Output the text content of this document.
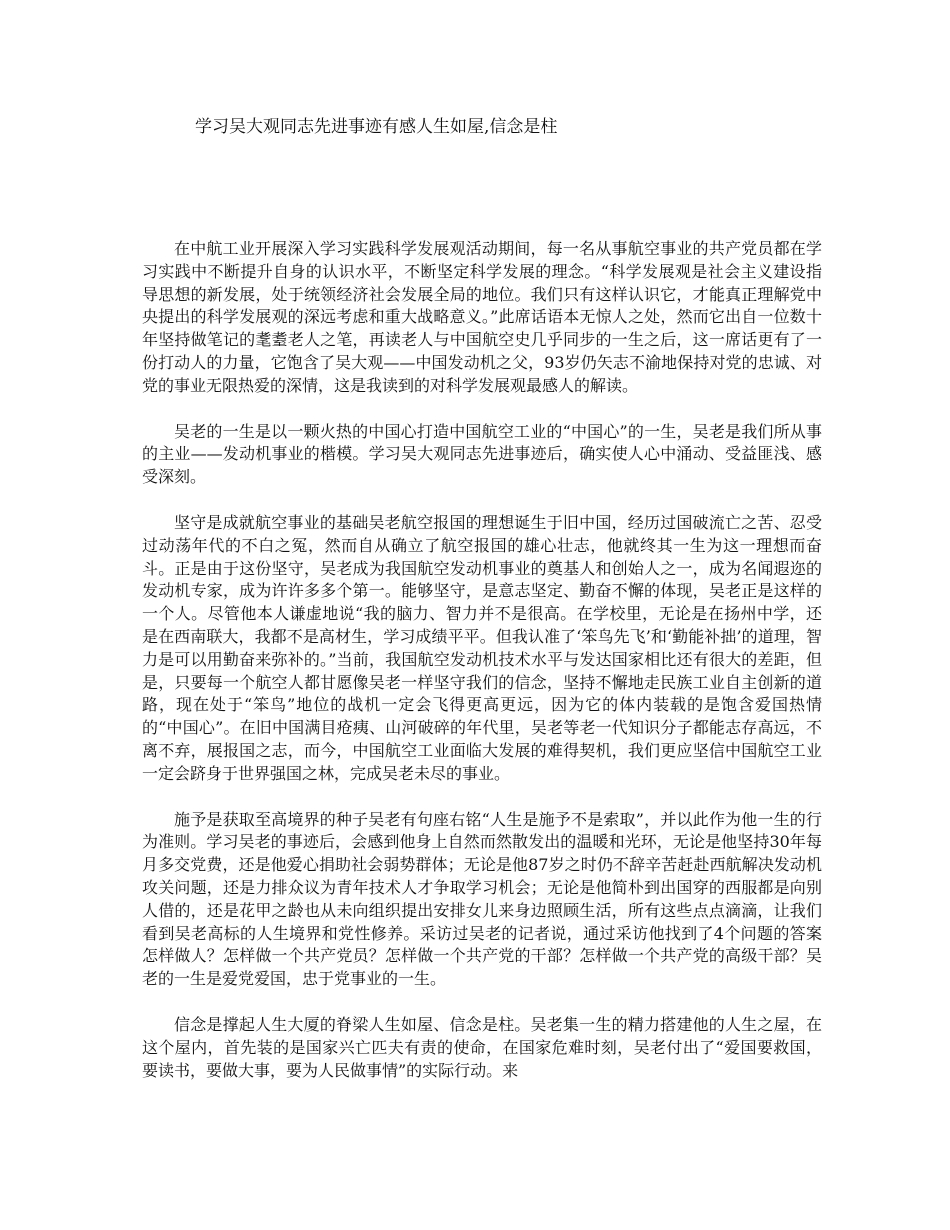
学习吴大观同志先进事迹有感人生如屋,信念是柱

在中航工业开展深入学习实践科学发展观活动期间，每一名从事航空事业的共产党员都在学习实践中不断提升自身的认识水平，不断坚定科学发展的理念。“科学发展观是社会主义建设指导思想的新发展，处于统领经济社会发展全局的地位。我们只有这样认识它，才能真正理解党中央提出的科学发展观的深远考虑和重大战略意义。”此席话语本无惊人之处，然而它出自一位数十年坚持做笔记的耄耋老人之笔，再读老人与中国航空史几乎同步的一生之后，这一席话更有了一份打动人的力量，它饱含了吴大观——中国发动机之父，93岁仍矢志不渝地保持对党的忠诚、对党的事业无限热爱的深情，这是我读到的对科学发展观最感人的解读。

吴老的一生是以一颗火热的中国心打造中国航空工业的“中国心”的一生，吴老是我们所从事的主业——发动机事业的楷模。学习吴大观同志先进事迹后，确实使人心中涌动、受益匪浅、感受深刻。

坚守是成就航空事业的基础吴老航空报国的理想诞生于旧中国，经历过国破流亡之苦、忍受过动荡年代的不白之冤，然而自从确立了航空报国的雄心壮志，他就终其一生为这一理想而奋斗。正是由于这份坚守，吴老成为我国航空发动机事业的奠基人和创始人之一，成为名闻遐迩的发动机专家，成为许许多多个第一。能够坚守，是意志坚定、勤奋不懈的体现，吴老正是这样的一个人。尽管他本人谦虚地说“我的脑力、智力并不是很高。在学校里，无论是在扬州中学，还是在西南联大，我都不是高材生，学习成绩平平。但我认准了‘笨鸟先飞’和‘勤能补拙’的道理，智力是可以用勤奋来弥补的。”当前，我国航空发动机技术水平与发达国家相比还有很大的差距，但是，只要每一个航空人都甘愿像吴老一样坚守我们的信念，坚持不懈地走民族工业自主创新的道路，现在处于“笨鸟”地位的战机一定会飞得更高更远，因为它的体内装载的是饱含爱国热情的“中国心”。在旧中国满目疮痍、山河破碎的年代里，吴老等老一代知识分子都能志存高远，不离不弃，展报国之志，而今，中国航空工业面临大发展的难得契机，我们更应坚信中国航空工业一定会跻身于世界强国之林，完成吴老未尽的事业。

施予是获取至高境界的种子吴老有句座右铭“人生是施予不是索取”，并以此作为他一生的行为准则。学习吴老的事迹后，会感到他身上自然而然散发出的温暖和光环，无论是他坚持30年每月多交党费，还是他爱心捐助社会弱势群体；无论是他87岁之时仍不辞辛苦赶赴西航解决发动机攻关问题，还是力排众议为青年技术人才争取学习机会；无论是他简朴到出国穿的西服都是向别人借的，还是花甲之龄也从未向组织提出安排女儿来身边照顾生活，所有这些点点滴滴，让我们看到吴老高标的人生境界和党性修养。采访过吴老的记者说，通过采访他找到了4个问题的答案怎样做人？怎样做一个共产党员？怎样做一个共产党的干部？怎样做一个共产党的高级干部？吴老的一生是爱党爱国，忠于党事业的一生。

信念是撑起人生大厦的脊梁人生如屋、信念是柱。吴老集一生的精力搭建他的人生之屋，在这个屋内，首先装的是国家兴亡匹夫有责的使命，在国家危难时刻，吴老付出了“爱国要救国，要读书，要做大事，要为人民做事情”的实际行动。来
